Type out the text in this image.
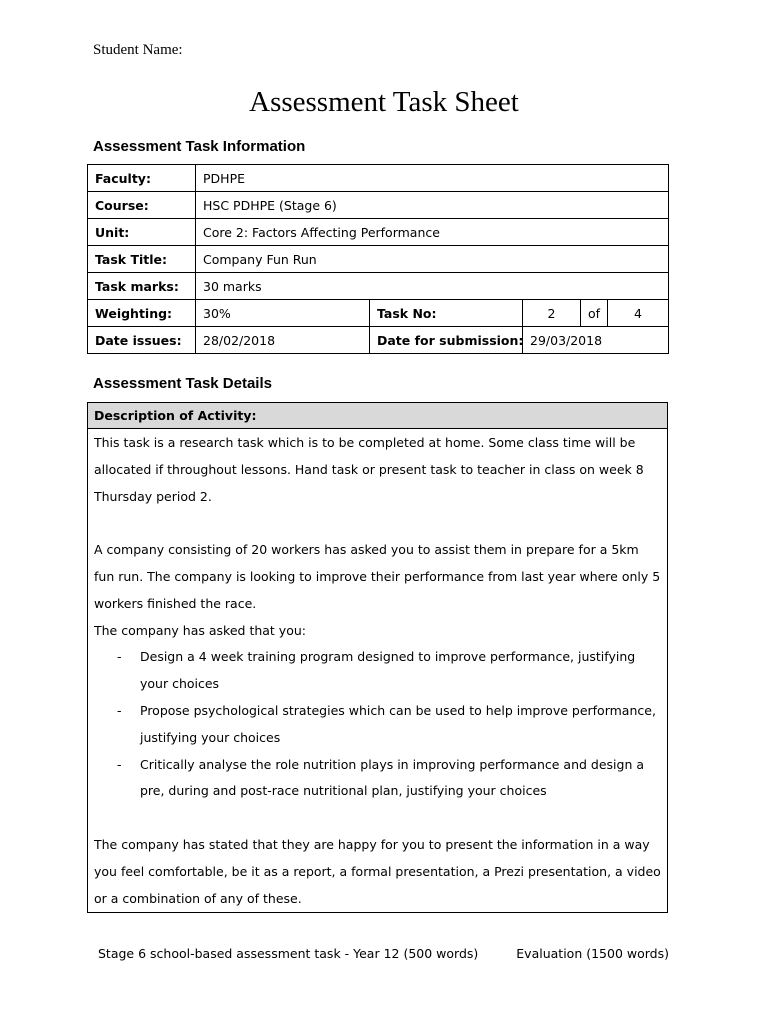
Student Name:
Assessment Task Sheet
Assessment Task Information
Faculty:	PDHPE				
Course:	HSC PDHPE (Stage 6)				
Unit:	Core 2: Factors Affecting Performance				
Task Title:	Company Fun Run				
Task marks:	30 marks				
Weighting:	30%	Task No:	2	of	4
Date issues:	28/02/2018	Date for submission:	29/03/2018		
Assessment Task Details
Description of Activity:

This task is a research task which is to be completed at home. Some class time will be allocated if throughout lessons. Hand task or present task to teacher in class on week 8 Thursday period 2.

A company consisting of 20 workers has asked you to assist them in prepare for a 5km fun run. The company is looking to improve their performance from last year where only 5 workers finished the race.

The company has asked that you:

- Design a 4 week training program designed to improve performance, justifying your choices
- Propose psychological strategies which can be used to help improve performance, justifying your choices
- Critically analyse the role nutrition plays in improving performance and design a pre, during and post-race nutritional plan, justifying your choices

The company has stated that they are happy for you to present the information in a way you feel comfortable, be it as a report, a formal presentation, a Prezi presentation, a video or a combination of any of these.

Stage 6 school-based assessment task - Year 12 (500 words)	Evaluation (1500 words)
